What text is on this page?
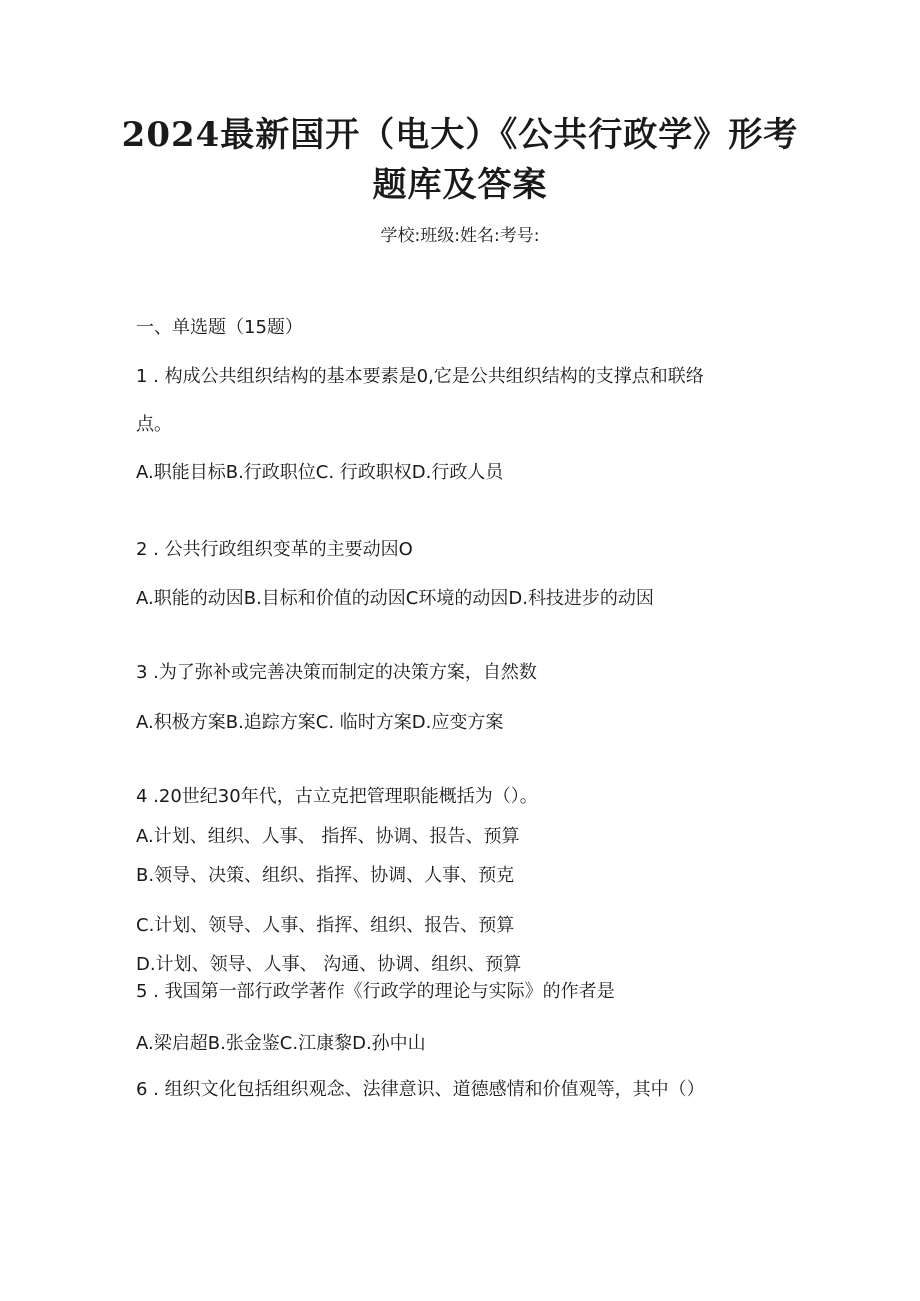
2024最新国开（电大）《公共行政学》形考
题库及答案
学校:班级:姓名:考号:
一、单选题（15题）
1 . 构成公共组织结构的基本要素是0,它是公共组织结构的支撑点和联络
点。
A.职能目标B.行政职位C. 行政职权D.行政人员
2 . 公共行政组织变革的主要动因O
A.职能的动因B.目标和价值的动因C环境的动因D.科技进步的动因
3 .为了弥补或完善决策而制定的决策方案，自然数
A.积极方案B.追踪方案C. 临时方案D.应变方案
4 .20世纪30年代，古立克把管理职能概括为（）。
A.计划、组织、人事、 指挥、协调、报告、预算
B.领导、决策、组织、指挥、协调、人事、预克
C.计划、领导、人事、指挥、组织、报告、预算
D.计划、领导、人事、 沟通、协调、组织、预算
5 . 我国第一部行政学著作《行政学的理论与实际》的作者是
A.梁启超B.张金鉴C.江康黎D.孙中山
6 . 组织文化包括组织观念、法律意识、道德感情和价值观等，其中（）
